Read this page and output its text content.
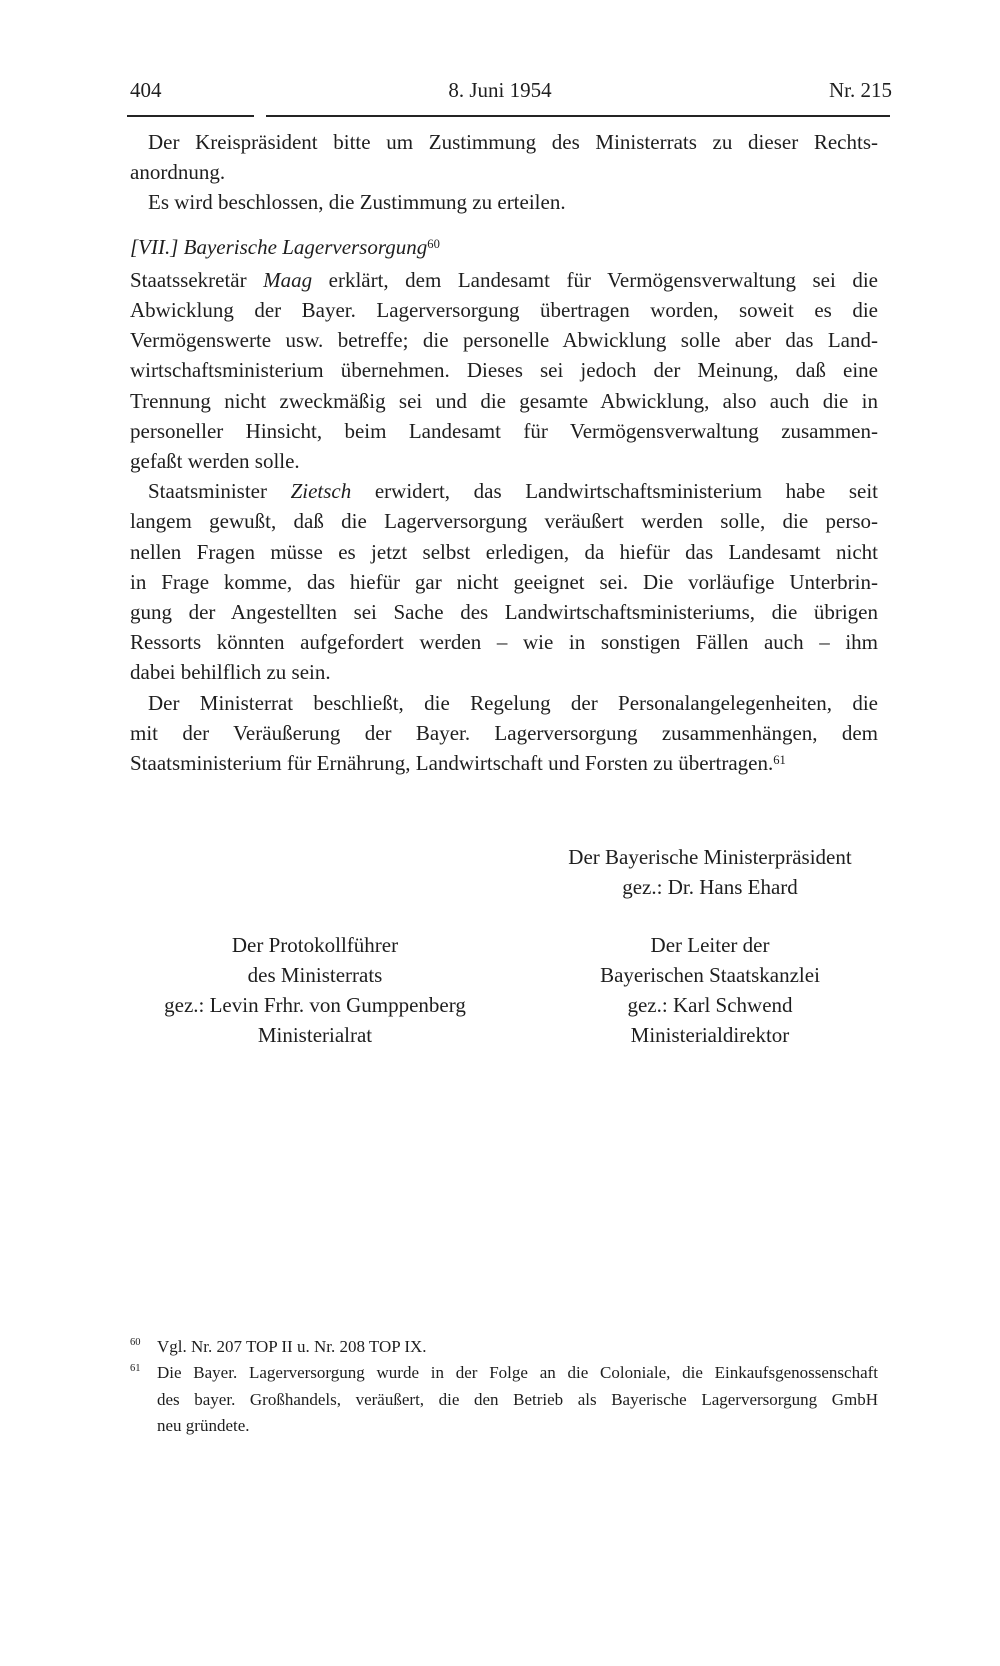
404	8. Juni 1954	Nr. 215
Der Kreispräsident bitte um Zustimmung des Ministerrats zu dieser Rechts-
anordnung.
Es wird beschlossen, die Zustimmung zu erteilen.
[VII.] Bayerische Lagerversorgung$^{60}$
Staatssekretär Maag erklärt, dem Landesamt für Vermögensverwaltung sei die
Abwicklung der Bayer. Lagerversorgung übertragen worden, soweit es die
Vermögenswerte usw. betreffe; die personelle Abwicklung solle aber das Land-
wirtschaftsministerium übernehmen. Dieses sei jedoch der Meinung, daß eine
Trennung nicht zweckmäßig sei und die gesamte Abwicklung, also auch die in
personeller Hinsicht, beim Landesamt für Vermögensverwaltung zusammen-
gefaßt werden solle.
Staatsminister Zietsch erwidert, das Landwirtschaftsministerium habe seit
langem gewußt, daß die Lagerversorgung veräußert werden solle, die perso-
nellen Fragen müsse es jetzt selbst erledigen, da hiefür das Landesamt nicht
in Frage komme, das hiefür gar nicht geeignet sei. Die vorläufige Unterbrin-
gung der Angestellten sei Sache des Landwirtschaftsministeriums, die übrigen
Ressorts könnten aufgefordert werden – wie in sonstigen Fällen auch – ihm
dabei behilflich zu sein.
Der Ministerrat beschließt, die Regelung der Personalangelegenheiten, die
mit der Veräußerung der Bayer. Lagerversorgung zusammenhängen, dem
Staatsministerium für Ernährung, Landwirtschaft und Forsten zu übertragen.$^{61}$
Der Bayerische Ministerpräsident
gez.: Dr. Hans Ehard
Der Protokollführer
des Ministerrats
gez.: Levin Frhr. von Gumppenberg
Ministerialrat
Der Leiter der
Bayerischen Staatskanzlei
gez.: Karl Schwend
Ministerialdirektor
60 Vgl. Nr. 207 TOP II u. Nr. 208 TOP IX.
61 Die Bayer. Lagerversorgung wurde in der Folge an die Coloniale, die Einkaufsgenossenschaft
des bayer. Großhandels, veräußert, die den Betrieb als Bayerische Lagerversorgung GmbH
neu gründete.
